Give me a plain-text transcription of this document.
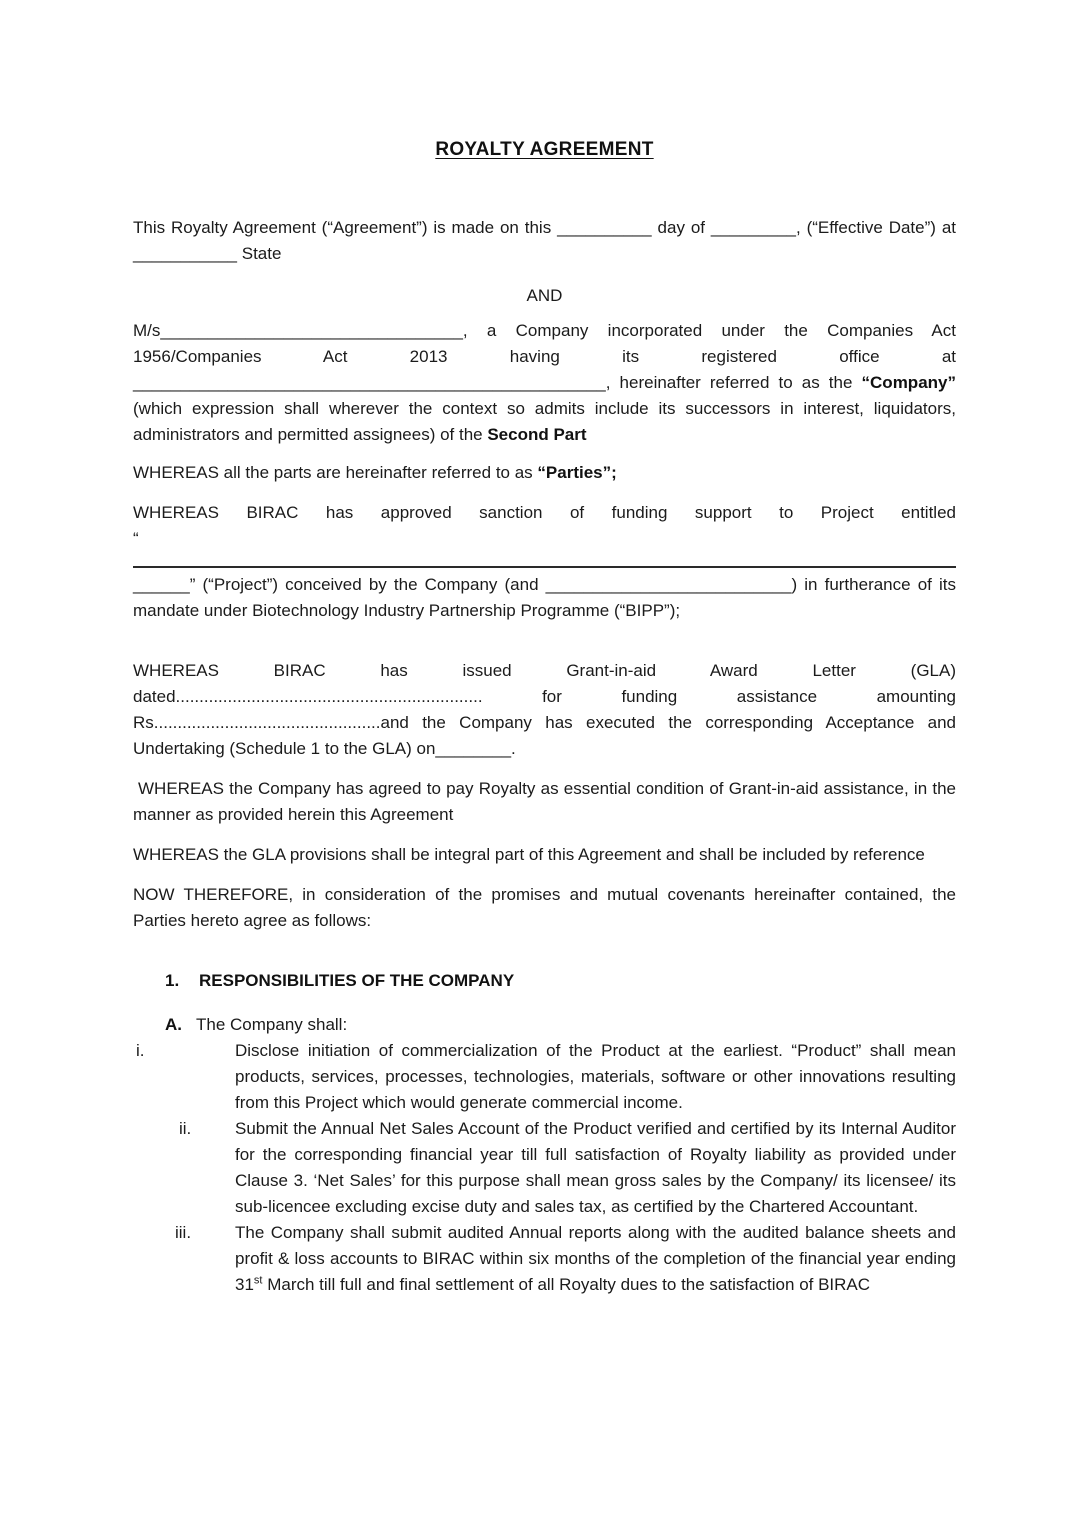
ROYALTY AGREEMENT

This Royalty Agreement (“Agreement”) is made on this __________ day of _________, (“Effective Date”) at ___________ State

AND

M/s________________________________, a Company incorporated under the Companies Act 1956/Companies Act 2013 having its registered office at __________________________________________________, hereinafter referred to as the “Company” (which expression shall wherever the context so admits include its successors in interest, liquidators, administrators and permitted assignees) of the Second Part

WHEREAS all the parts are hereinafter referred to as “Parties”;

WHEREAS BIRAC has approved sanction of funding support to Project entitled
“
______” (“Project”) conceived by the Company (and __________________________) in furtherance of its mandate under Biotechnology Industry Partnership Programme (“BIPP”);

WHEREAS BIRAC has issued Grant-in-aid Award Letter (GLA) dated................................................................. for funding assistance amounting Rs................................................and the Company has executed the corresponding Acceptance and Undertaking (Schedule 1 to the GLA) on________.

WHEREAS the Company has agreed to pay Royalty as essential condition of Grant-in-aid assistance, in the manner as provided herein this Agreement

WHEREAS the GLA provisions shall be integral part of this Agreement and shall be included by reference

NOW THEREFORE, in consideration of the promises and mutual covenants hereinafter contained, the Parties hereto agree as follows:

1.	RESPONSIBILITIES OF THE COMPANY
A. The Company shall:
i.	Disclose initiation of commercialization of the Product at the earliest. “Product” shall mean products, services, processes, technologies, materials, software or other innovations resulting from this Project which would generate commercial income.
ii.	Submit the Annual Net Sales Account of the Product verified and certified by its Internal Auditor for the corresponding financial year till full satisfaction of Royalty liability as provided under Clause 3. ‘Net Sales’ for this purpose shall mean gross sales by the Company/ its licensee/ its sub-licencee excluding excise duty and sales tax, as certified by the Chartered Accountant.
iii.	The Company shall submit audited Annual reports along with the audited balance sheets and profit & loss accounts to BIRAC within six months of the completion of the financial year ending 31st March till full and final settlement of all Royalty dues to the satisfaction of BIRAC
